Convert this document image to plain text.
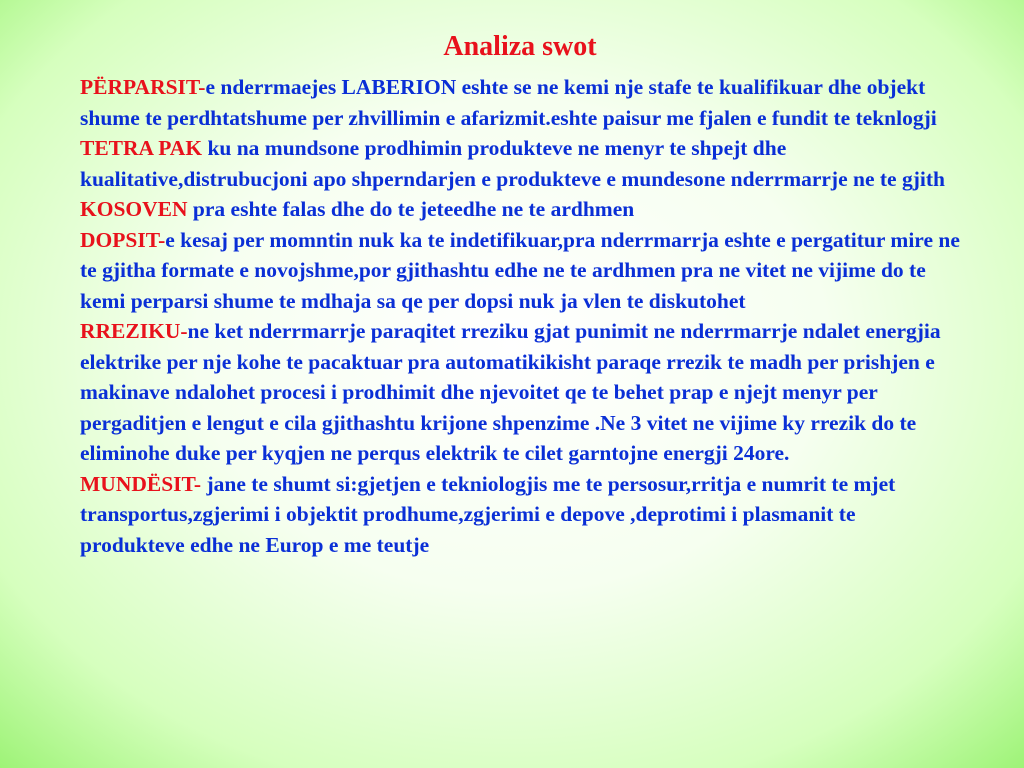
Analiza swot

PËRPARSIT-e nderrmaejes LABERION eshte se ne kemi nje stafe te kualifikuar dhe objekt shume te perdhtatshume per zhvillimin e afarizmit.eshte paisur me fjalen e fundit te teknlogji TETRA PAK ku na mundsone prodhimin produkteve ne menyr te shpejt dhe kualitative,distrubucjoni apo shperndarjen e produkteve e mundesone nderrmarrje ne te gjith KOSOVEN pra eshte falas dhe do te jeteedhe ne te ardhmen

DOPSIT-e kesaj per momntin nuk ka te indetifikuar,pra nderrmarrja eshte e pergatitur mire ne te gjitha formate e novojshme,por gjithashtu edhe ne te ardhmen pra ne vitet ne vijime do te kemi perparsi shume te mdhaja sa qe per dopsi nuk ja vlen te diskutohet

RREZIKU-ne ket nderrmarrje paraqitet rreziku gjat punimit ne nderrmarrje ndalet energjia elektrike per nje kohe te pacaktuar pra automatikikisht paraqe rrezik te madh per prishjen e makinave ndalohet procesi i prodhimit dhe njevoitet qe te behet prap e njejt menyr per pergaditjen e lengut e cila gjithashtu krijone shpenzime .Ne 3 vitet ne vijime ky rrezik do te eliminohe duke per kyqjen ne perqus elektrik te cilet garntojne energji 24ore.

MUNDËSIT- jane te shumt si:gjetjen e tekniologjis me te persosur,rritja e numrit te mjet transportus,zgjerimi i objektit prodhume,zgjerimi e depove ,deprotimi i plasmanit te produkteve edhe ne Europ e me teutje
